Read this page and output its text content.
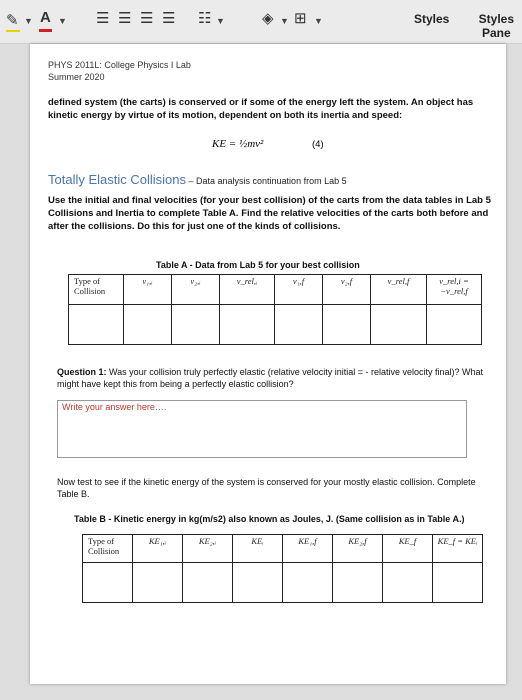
✎ ▼ A ▼ ☰ ☰ ☰ ☰ ☷ ▼ ◈ ▼ ⊞ ▼	Styles Styles
Pane
PHYS 2011L: College Physics I Lab
Summer 2020
defined system (the carts) is conserved or if some of the energy left the system. An object has kinetic energy by virtue of its motion, dependent on both its inertia and speed:
KE = ½mv²	(4)
Totally Elastic Collisions – Data analysis continuation from Lab 5
Use the initial and final velocities (for your best collision) of the carts from the data tables in Lab 5 Collisions and Inertia to complete Table A. Find the relative velocities of the carts both before and after the collisions. Do this for just one of the kinds of collisions.
Table A - Data from Lab 5 for your best collision
Type of Collision	v₁,ᵢ	v₂,ᵢ	v_rel,ᵢ	v₁,f	v₂,f	v_rel,f	v_rel,i = −v_rel,f

Question 1: Was your collision truly perfectly elastic (relative velocity initial = - relative velocity final)? What might have kept this from being a perfectly elastic collision?
Write your answer here….
Now test to see if the kinetic energy of the system is conserved for your mostly elastic collision. Complete Table B.
Table B - Kinetic energy in kg(m/s2) also known as Joules, J. (Same collision as in Table A.)
Type of Collision	KE₁,ᵢ	KE₂,ᵢ	KEᵢ	KE₁,f	KE₂,f	KE_f	KE_f = KEᵢ
